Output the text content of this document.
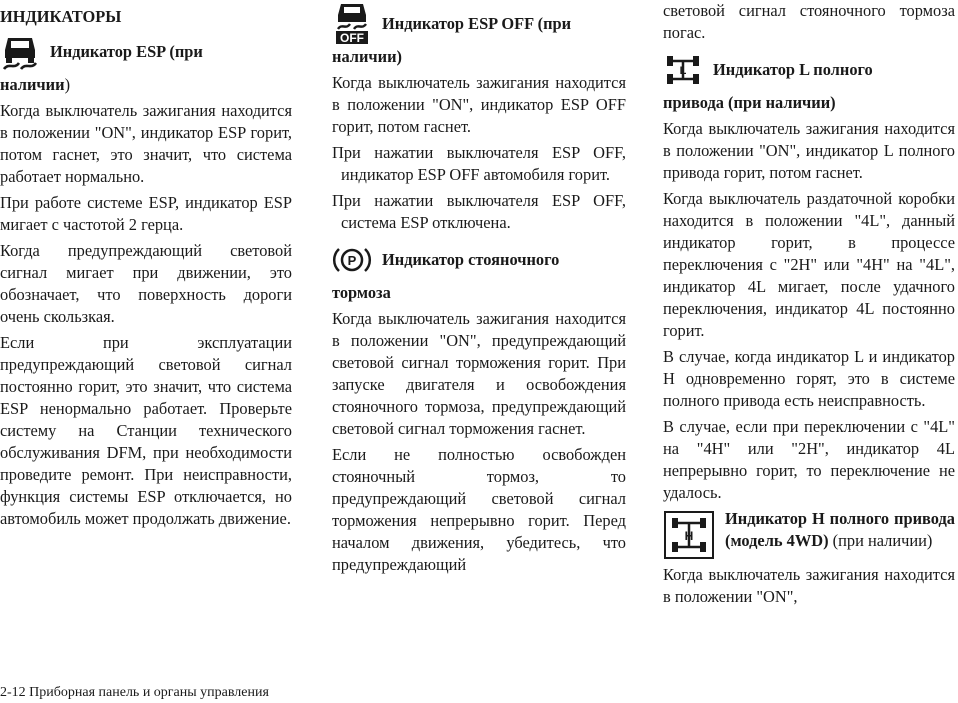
ИНДИКАТОРЫ
Индикатор ESP (при
наличии)

Когда выключатель зажигания находится в положении "ON", индикатор ESP горит, потом гаснет, это значит, что система работает нормально.

При работе системе ESP, индикатор ESP мигает с частотой 2 герца.

Когда предупреждающий световой сигнал мигает при движении, это обозначает, что поверхность дороги очень скользкая.

Если при эксплуатации предупреждающий световой сигнал постоянно горит, это значит, что система ESP ненормально работает. Проверьте систему на Станции технического обслуживания DFM, при необходимости проведите ремонт. При неисправности, функция системы ESP отключается, но автомобиль может продолжать движение.

OFF
Индикатор ESP OFF (при
наличии)

Когда выключатель зажигания находится в положении "ON", индикатор ESP OFF горит, потом гаснет.

При нажатии выключателя ESP OFF, индикатор ESP OFF автомобиля горит.

При нажатии выключателя ESP OFF, система ESP отключена.

P Индикатор стояночного
тормоза

Когда выключатель зажигания находится в положении "ON", предупреждающий световой сигнал торможения горит. При запуске двигателя и освобождения стояночного тормоза, предупреждающий световой сигнал торможения гаснет.

Если не полностью освобожден стояночный тормоз, то предупреждающий световой сигнал торможения непрерывно горит. Перед началом движения, убедитесь, что предупреждающий

световой сигнал стояночного тормоза погас.

L Индикатор L полного
привода (при наличии)

Когда выключатель зажигания находится в положении "ON", индикатор L полного привода горит, потом гаснет.

Когда выключатель раздаточной коробки находится в положении "4L", данный индикатор горит, в процессе переключения с "2H" или "4H" на "4L", индикатор 4L мигает, после удачного переключения, индикатор 4L постоянно горит.

В случае, когда индикатор L и индикатор H одновременно горят, это в системе полного привода есть неисправность.

В случае, если при переключении с "4L" на "4H" или "2H", индикатор 4L непрерывно горит, то переключение не удалось.

H
Индикатор H полного привода (модель 4WD) (при наличии)

Когда выключатель зажигания находится в положении "ON",

2-12 Приборная панель и органы управления
